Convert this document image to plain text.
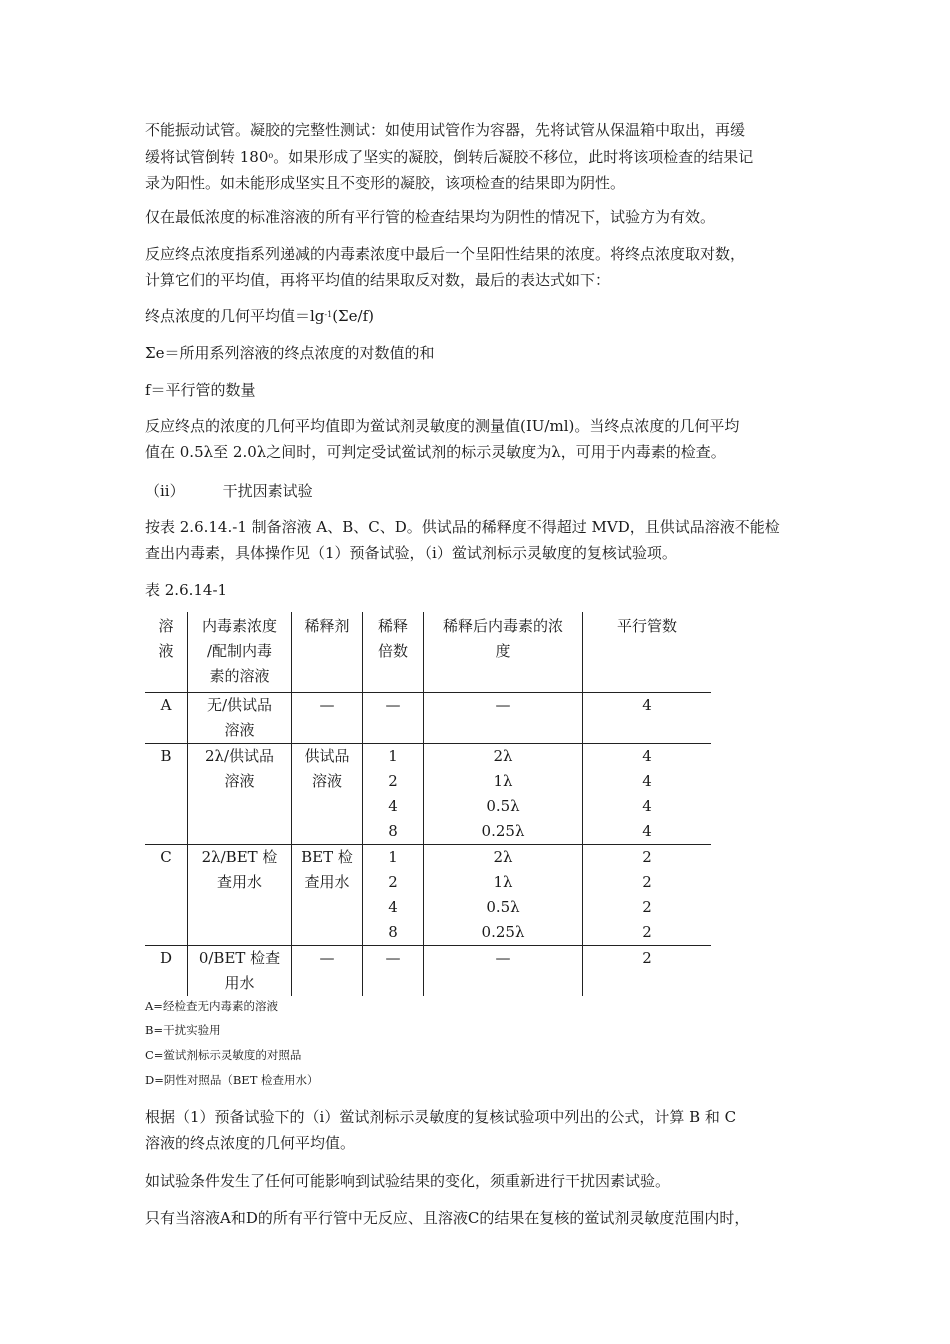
不能振动试管。凝胶的完整性测试：如使用试管作为容器，先将试管从保温箱中取出，再缓
缓将试管倒转 180$^o$。如果形成了坚实的凝胶，倒转后凝胶不移位，此时将该项检查的结果记
录为阳性。如未能形成坚实且不变形的凝胶，该项检查的结果即为阴性。

仅在最低浓度的标准溶液的所有平行管的检查结果均为阴性的情况下，试验方为有效。

反应终点浓度指系列递减的内毒素浓度中最后一个呈阳性结果的浓度。将终点浓度取对数，
计算它们的平均值，再将平均值的结果取反对数，最后的表达式如下：

终点浓度的几何平均值$=\lg^{-1}(\Sigma e/f)$

Σe＝所用系列溶液的终点浓度的对数值的和

f＝平行管的数量

反应终点的浓度的几何平均值即为鲎试剂灵敏度的测量值(IU/ml)。当终点浓度的几何平均
值在 0.5λ至 2.0λ之间时，可判定受试鲎试剂的标示灵敏度为λ，可用于内毒素的检查。

（ii）	干扰因素试验

按表 2.6.14.-1 制备溶液 A、B、C、D。供试品的稀释度不得超过 MVD，且供试品溶液不能检
查出内毒素，具体操作见（1）预备试验，（i）鲎试剂标示灵敏度的复核试验项。

表 2.6.14-1

溶
液	内毒素浓度
/配制内毒
素的溶液	稀释剂	稀释
倍数	稀释后内毒素的浓
度	平行管数

A	无/供试品
溶液	—	—	—	4

B	2λ/供试品
溶液	供试品
溶液	1
2
4
8	2λ
1λ
0.5λ
0.25λ	4
4
4
4

C	2λ/BET 检
查用水	BET 检
查用水	1
2
4
8	2λ
1λ
0.5λ
0.25λ	2
2
2
2

D	0/BET 检查
用水	—	—	—	2
A=经检查无内毒素的溶液
B=干扰实验用
C=鲎试剂标示灵敏度的对照品
D=阴性对照品（BET 检查用水）

根据（1）预备试验下的（i）鲎试剂标示灵敏度的复核试验项中列出的公式，计算 B 和 C
溶液的终点浓度的几何平均值。

如试验条件发生了任何可能影响到试验结果的变化，须重新进行干扰因素试验。

只有当溶液A和D的所有平行管中无反应、且溶液C的结果在复核的鲎试剂灵敏度范围内时，
